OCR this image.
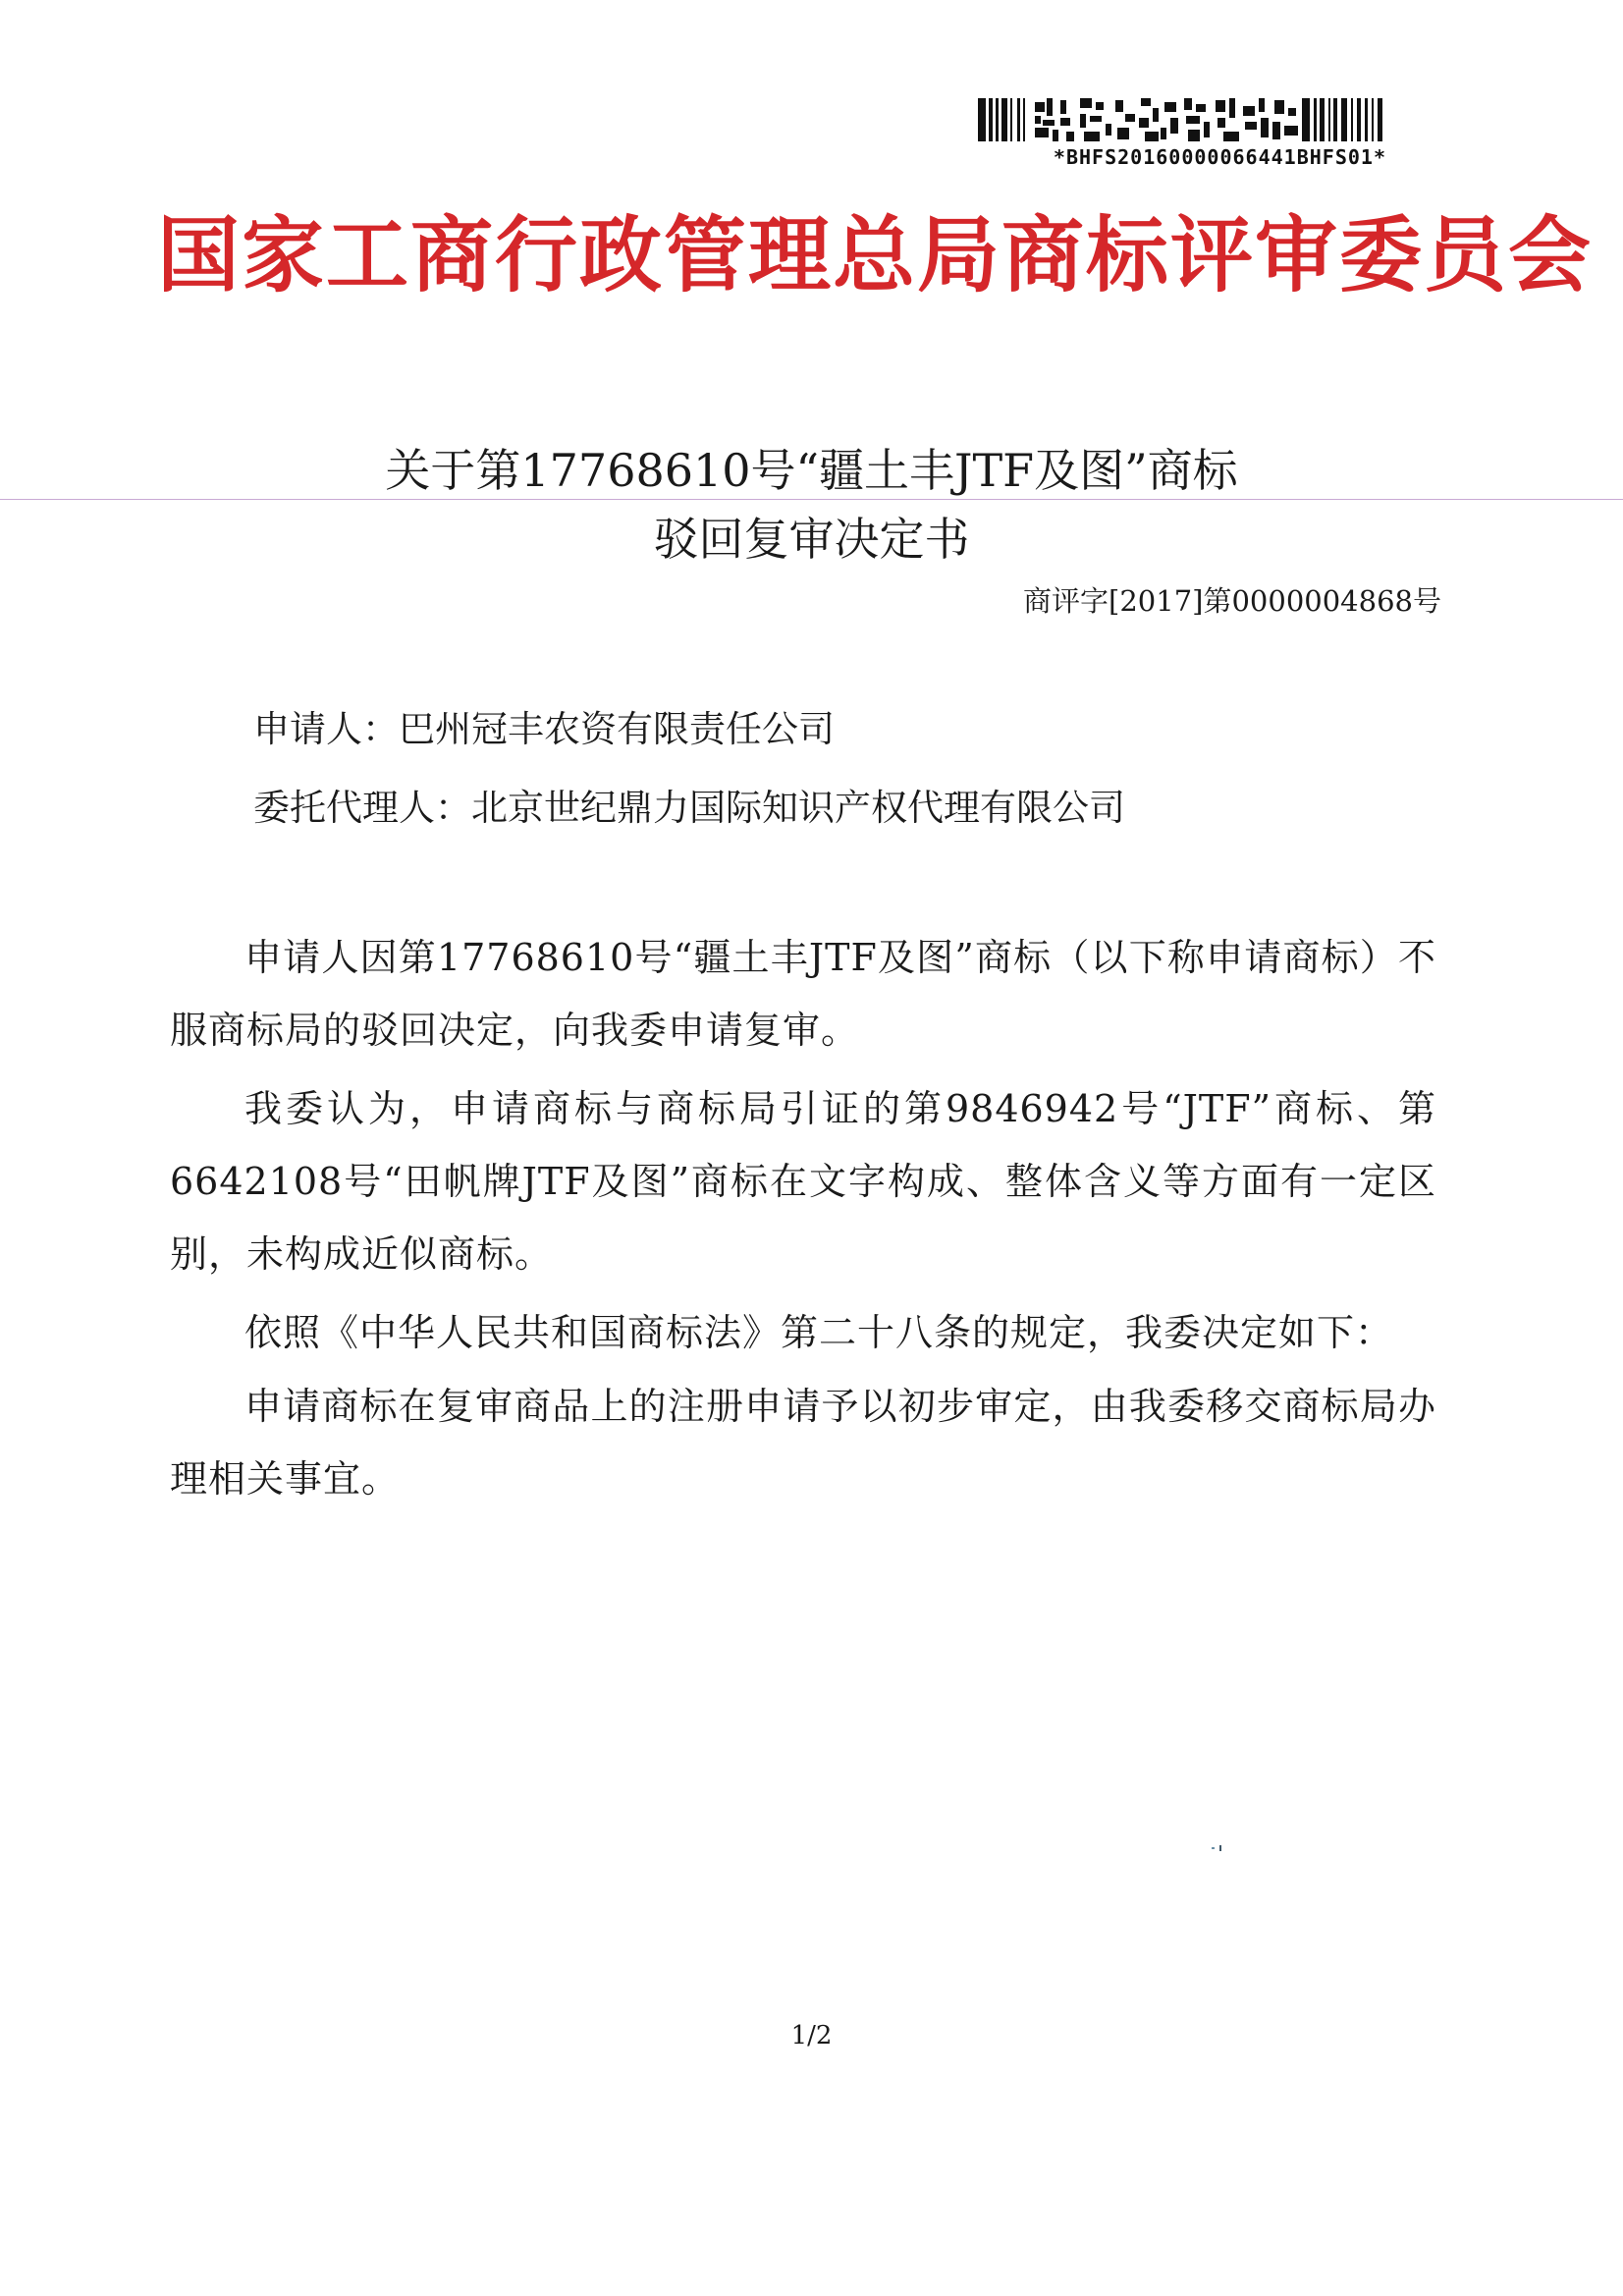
*BHFS20160000066441BHFS01*
国家工商行政管理总局商标评审委员会
关于第17768610号“疆土丰JTF及图”商标
驳回复审决定书
商评字[2017]第0000004868号
申请人：巴州冠丰农资有限责任公司
委托代理人：北京世纪鼎力国际知识产权代理有限公司

申请人因第17768610号“疆土丰JTF及图”商标（以下称申请商标）不服商标局的驳回决定，向我委申请复审。

我委认为，申请商标与商标局引证的第9846942号“JTF”商标、第6642108号“田帆牌JTF及图”商标在文字构成、整体含义等方面有一定区别，未构成近似商标。

依照《中华人民共和国商标法》第二十八条的规定，我委决定如下：

申请商标在复审商品上的注册申请予以初步审定，由我委移交商标局办理相关事宜。

1/2
